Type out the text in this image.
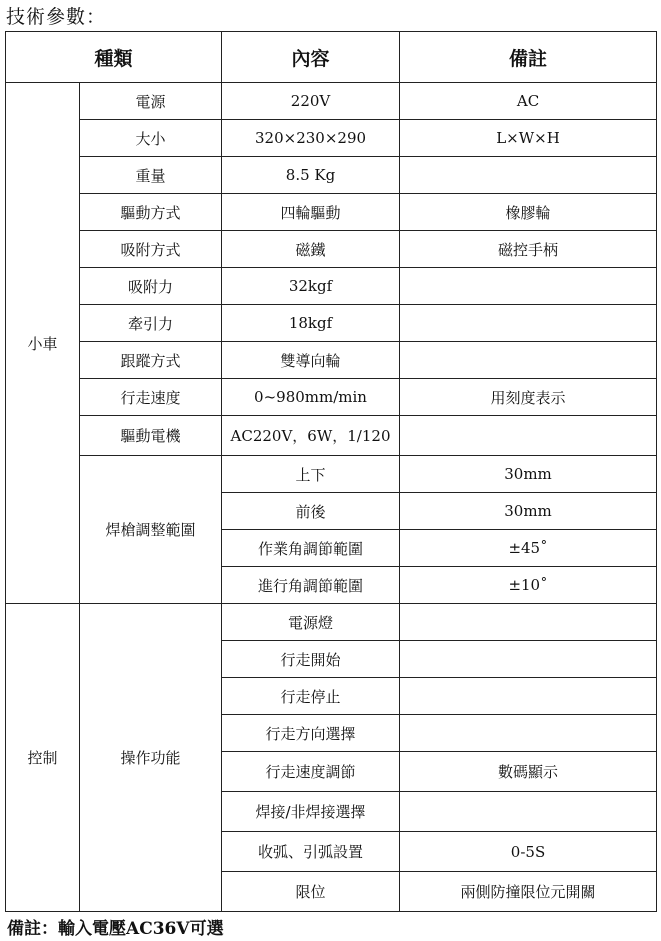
技術參數：
種類		內容	備註
小車	電源	220V	AC
	大小	320×230×290	L×W×H
	重量	8.5 Kg	
	驅動方式	四輪驅動	橡膠輪
	吸附方式	磁鐵	磁控手柄
	吸附力	32kgf	
	牽引力	18kgf	
	跟蹤方式	雙導向輪	
	行走速度	0~980mm/min	用刻度表示
	驅動電機	AC220V，6W，1/120	
	焊槍調整範圍	上下	30mm
		前後	30mm
		作業角調節範圍	±45˚
		進行角調節範圍	±10˚
控制	操作功能	電源燈	
		行走開始	
		行走停止	
		行走方向選擇	
		行走速度調節	數碼顯示
		焊接/非焊接選擇	
		收弧、引弧設置	0-5S
		限位	兩側防撞限位元開關
備註：輸入電壓AC36V可選
